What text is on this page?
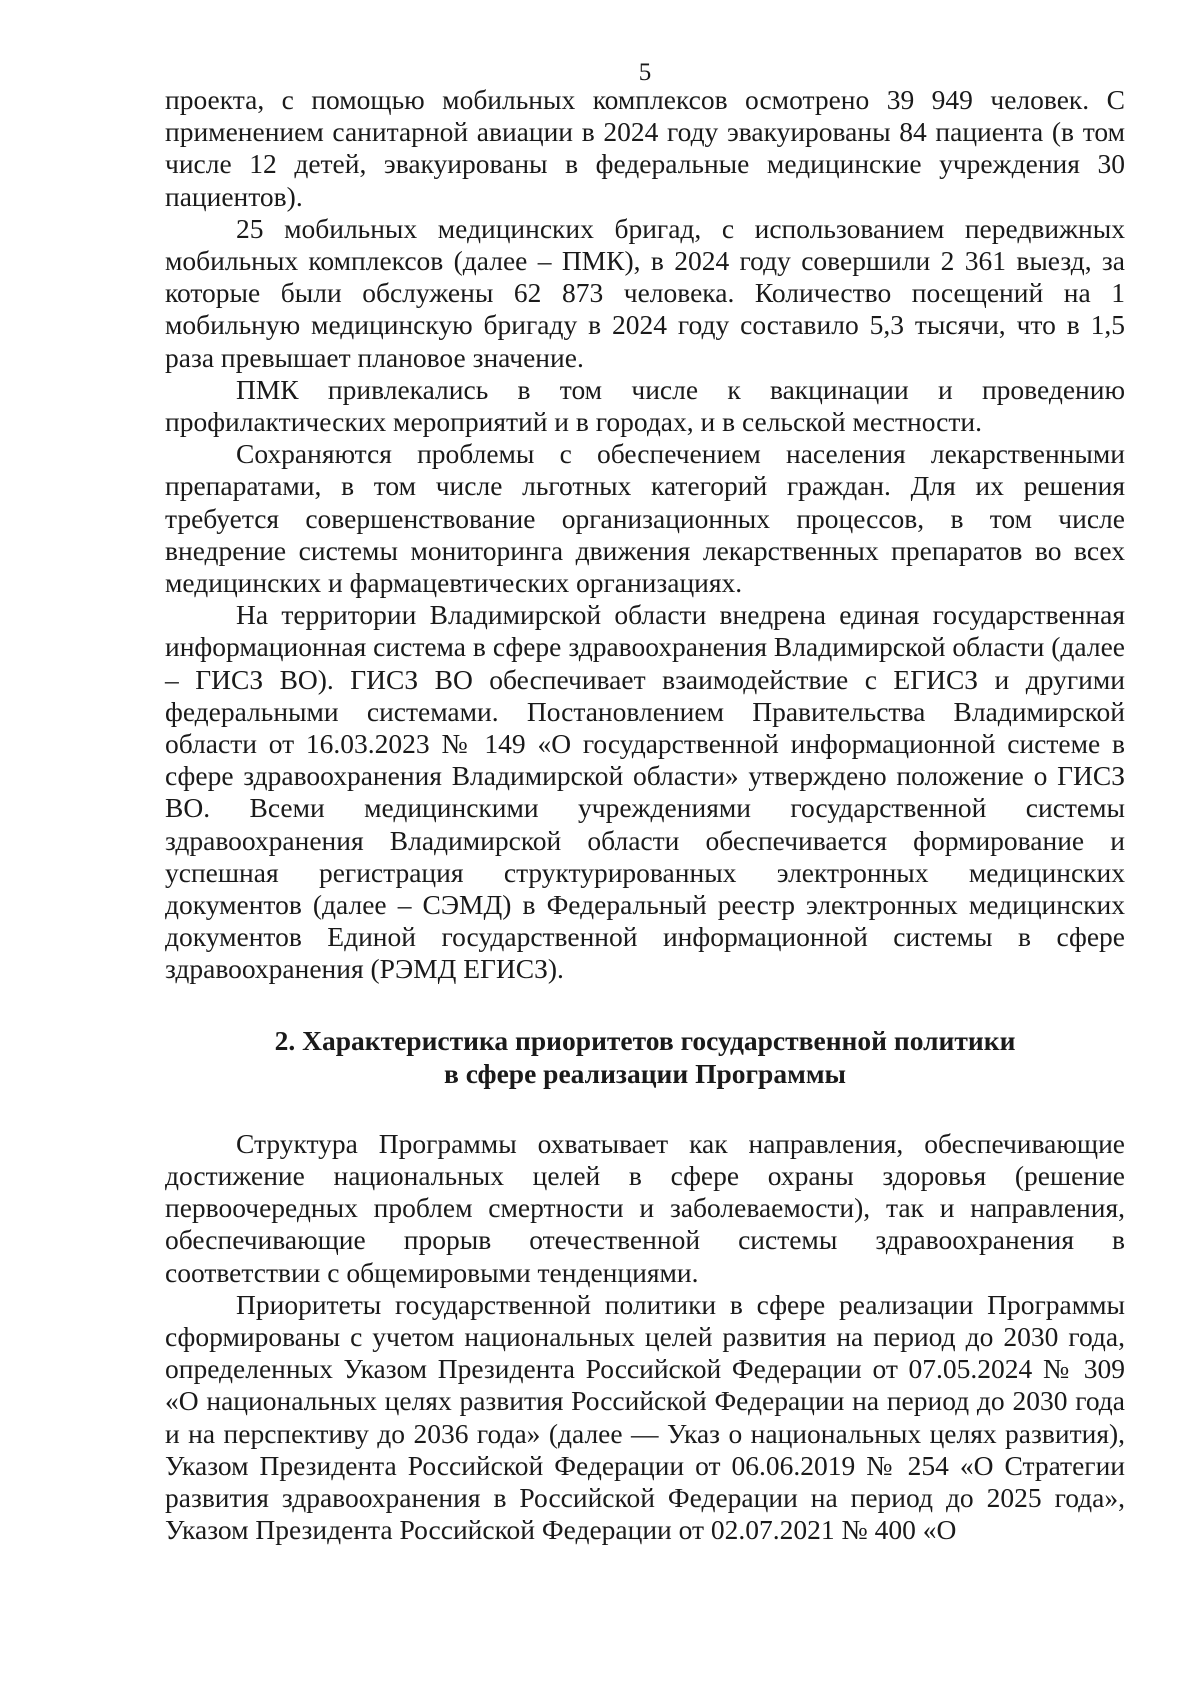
5

проекта, с помощью мобильных комплексов осмотрено 39 949 человек. С применением санитарной авиации в 2024 году эвакуированы 84 пациента (в том числе 12 детей, эвакуированы в федеральные медицинские учреждения 30 пациентов).

25 мобильных медицинских бригад, с использованием передвижных мобильных комплексов (далее – ПМК), в 2024 году совершили 2 361 выезд, за которые были обслужены 62 873 человека. Количество посещений на 1 мобильную медицинскую бригаду в 2024 году составило 5,3 тысячи, что в 1,5 раза превышает плановое значение.

ПМК привлекались в том числе к вакцинации и проведению профилактических мероприятий и в городах, и в сельской местности.

Сохраняются проблемы с обеспечением населения лекарственными препаратами, в том числе льготных категорий граждан. Для их решения требуется совершенствование организационных процессов, в том числе внедрение системы мониторинга движения лекарственных препаратов во всех медицинских и фармацевтических организациях.

На территории Владимирской области внедрена единая государственная информационная система в сфере здравоохранения Владимирской области (далее – ГИСЗ ВО). ГИСЗ ВО обеспечивает взаимодействие с ЕГИСЗ и другими федеральными системами. Постановлением Правительства Владимирской области от 16.03.2023 № 149 «О государственной информационной системе в сфере здравоохранения Владимирской области» утверждено положение о ГИСЗ ВО. Всеми медицинскими учреждениями государственной системы здравоохранения Владимирской области обеспечивается формирование и успешная регистрация структурированных электронных медицинских документов (далее – СЭМД) в Федеральный реестр электронных медицинских документов Единой государственной информационной системы в сфере здравоохранения (РЭМД ЕГИСЗ).

2. Характеристика приоритетов государственной политики
в сфере реализации Программы

Структура Программы охватывает как направления, обеспечивающие достижение национальных целей в сфере охраны здоровья (решение первоочередных проблем смертности и заболеваемости), так и направления, обеспечивающие прорыв отечественной системы здравоохранения в соответствии с общемировыми тенденциями.

Приоритеты государственной политики в сфере реализации Программы сформированы с учетом национальных целей развития на период до 2030 года, определенных Указом Президента Российской Федерации от 07.05.2024 № 309 «О национальных целях развития Российской Федерации на период до 2030 года и на перспективу до 2036 года» (далее — Указ о национальных целях развития), Указом Президента Российской Федерации от 06.06.2019 № 254 «О Стратегии развития здравоохранения в Российской Федерации на период до 2025 года», Указом Президента Российской Федерации от 02.07.2021 № 400 «О
